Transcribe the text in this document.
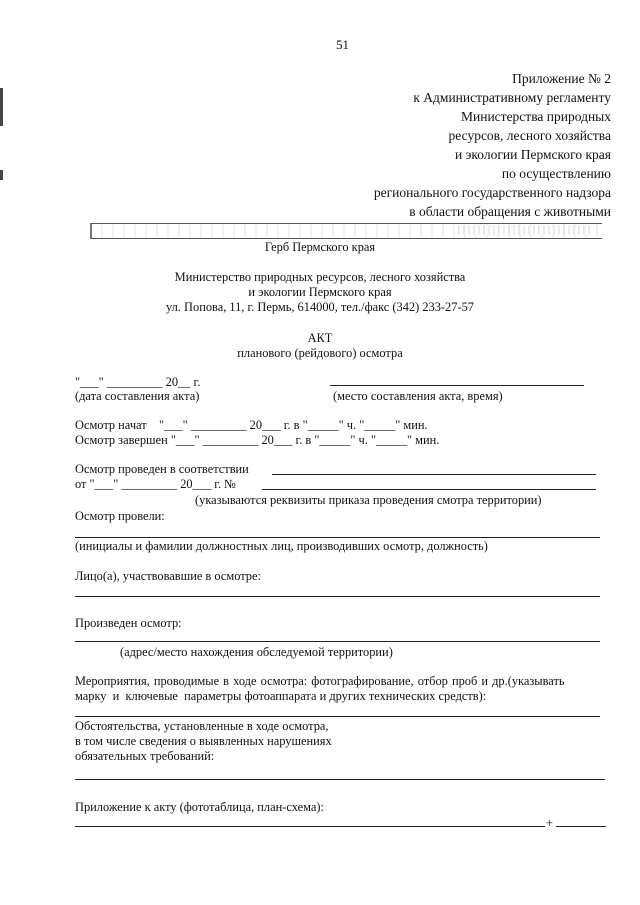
51
Приложение № 2
к Административному регламенту
Министерства природных
ресурсов, лесного хозяйства
и экологии Пермского края
по осуществлению
регионального государственного надзора
в области обращения с животными
Герб Пермского края
Министерство природных ресурсов, лесного хозяйства
и экологии Пермского края
ул. Попова, 11, г. Пермь, 614000, тел./факс (342) 233-27-57
АКТ
планового (рейдового) осмотра
"___" _________ 20__ г.
(дата составления акта)	(место составления акта, время)
Осмотр начат    "___" _________ 20___ г. в "_____" ч. "_____" мин.
Осмотр завершен "___" _________ 20___ г. в "_____" ч. "_____" мин.
Осмотр проведен в соответствии
от "___" _________ 20___ г. №
(указываются реквизиты приказа проведения смотра территории)
Осмотр провели:
(инициалы и фамилии должностных лиц, производивших осмотр, должность)
Лицо(а), участвовавшие в осмотре:
Произведен осмотр:
(адрес/место нахождения обследуемой территории)
Мероприятия, проводимые в ходе осмотра: фотографирование, отбор проб и др.(указывать
марку  и  ключевые  параметры фотоаппарата и других технических средств):
Обстоятельства, установленные в ходе осмотра,
в том числе сведения о выявленных нарушениях
обязательных требований:
Приложение к акту (фототаблица, план-схема):
+
